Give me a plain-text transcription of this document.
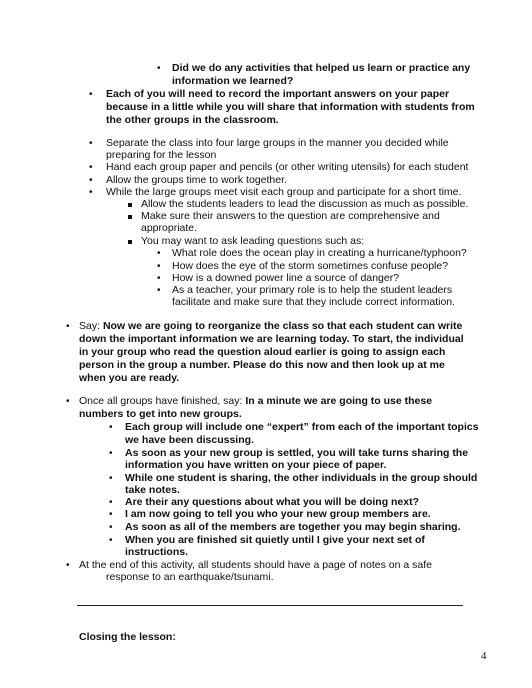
• Did we do any activities that helped us learn or practice any
information we learned?
• Each of you will need to record the important answers on your paper
because in a little while you will share that information with students from
the other groups in the classroom.
• Separate the class into four large groups in the manner you decided while
preparing for the lesson
• Hand each group paper and pencils (or other writing utensils) for each student
• Allow the groups time to work together.
• While the large groups meet visit each group and participate for a short time.
Allow the students leaders to lead the discussion as much as possible.
Make sure their answers to the question are comprehensive and
appropriate.
You may want to ask leading questions such as:
• What role does the ocean play in creating a hurricane/typhoon?
• How does the eye of the storm sometimes confuse people?
• How is a downed power line a source of danger?
• As a teacher, your primary role is to help the student leaders
facilitate and make sure that they include correct information.
• Say: Now we are going to reorganize the class so that each student can write
down the important information we are learning today. To start, the individual
in your group who read the question aloud earlier is going to assign each
person in the group a number. Please do this now and then look up at me
when you are ready.
• Once all groups have finished, say: In a minute we are going to use these
numbers to get into new groups.
• Each group will include one “expert” from each of the important topics
we have been discussing.
• As soon as your new group is settled, you will take turns sharing the
information you have written on your piece of paper.
• While one student is sharing, the other individuals in the group should
take notes.
• Are their any questions about what you will be doing next?
• I am now going to tell you who your new group members are.
• As soon as all of the members are together you may begin sharing.
• When you are finished sit quietly until I give your next set of
instructions.
• At the end of this activity, all students should have a page of notes on a safe
response to an earthquake/tsunami.
Closing the lesson:
4
